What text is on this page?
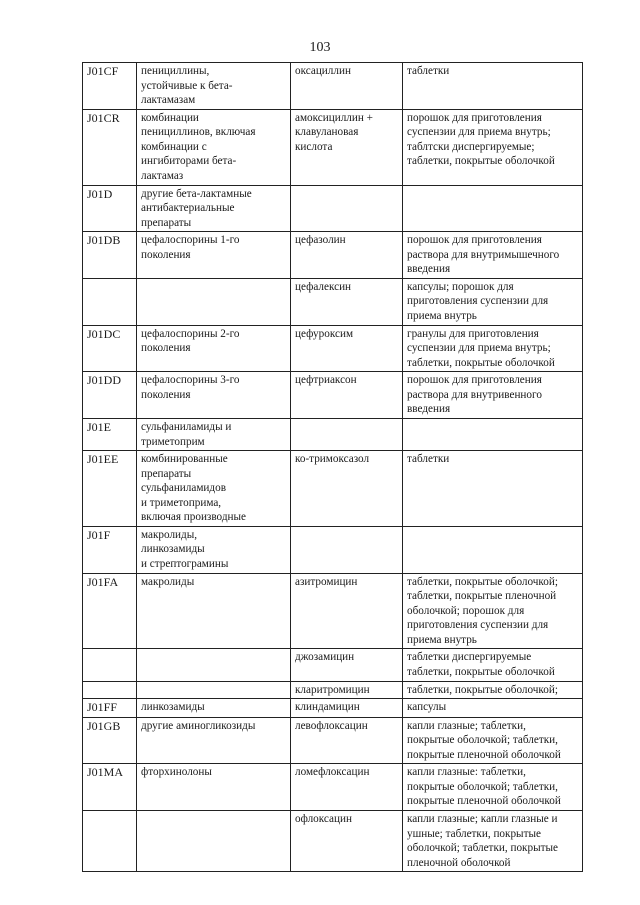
103
J01CF	пенициллины,
устойчивые к бета-
лактамазам	оксациллин	таблетки

J01CR	комбинации
пенициллинов, включая
комбинации с
ингибиторами бета-
лактамаз	амоксициллин +
клавулановая
кислота	порошок для приготовления
суспензии для приема внутрь;
таблтски диспергируемые;
таблетки, покрытые оболочкой

J01D	другие бета-лактамные
антибактериальные
препараты		

J01DB	цефалоспорины 1-го
поколения	цефазолин	порошок для приготовления
раствора для внутримышечного
введения

		цефалексин	капсулы; порошок для
приготовления суспензии для
приема внутрь

J01DC	цефалоспорины 2-го
поколения	цефуроксим	гранулы для приготовления
суспензии для приема внутрь;
таблетки, покрытые оболочкой

J01DD	цефалоспорины 3-го
поколения	цефтриаксон	порошок для приготовления
раствора для внутривенного
введения

J01E	сульфаниламиды и
триметоприм		

J01EE	комбинированные
препараты
сульфаниламидов
и триметоприма,
включая производные	ко-тримоксазол	таблетки

J01F	макролиды,
линкозамиды
и стрептограмины		

J01FA	макролиды	азитромицин	таблетки, покрытые оболочкой;
таблетки, покрытые пленочной
оболочкой; порошок для
приготовления суспензии для
приема внутрь

		джозамицин	таблетки диспергируемые
таблетки, покрытые оболочкой

		кларитромицин	таблетки, покрытые оболочкой;

J01FF	линкозамиды	клиндамицин	капсулы

J01GB	другие аминогликозиды	левофлоксацин	капли глазные; таблетки,
покрытые оболочкой; таблетки,
покрытые пленочной оболочкой

J01MA	фторхинолоны	ломефлоксацин	капли глазные: таблетки,
покрытые оболочкой; таблетки,
покрытые пленочной оболочкой

		офлоксацин	капли глазные; капли глазные и
ушные; таблетки, покрытые
оболочкой; таблетки, покрытые
пленочной оболочкой
